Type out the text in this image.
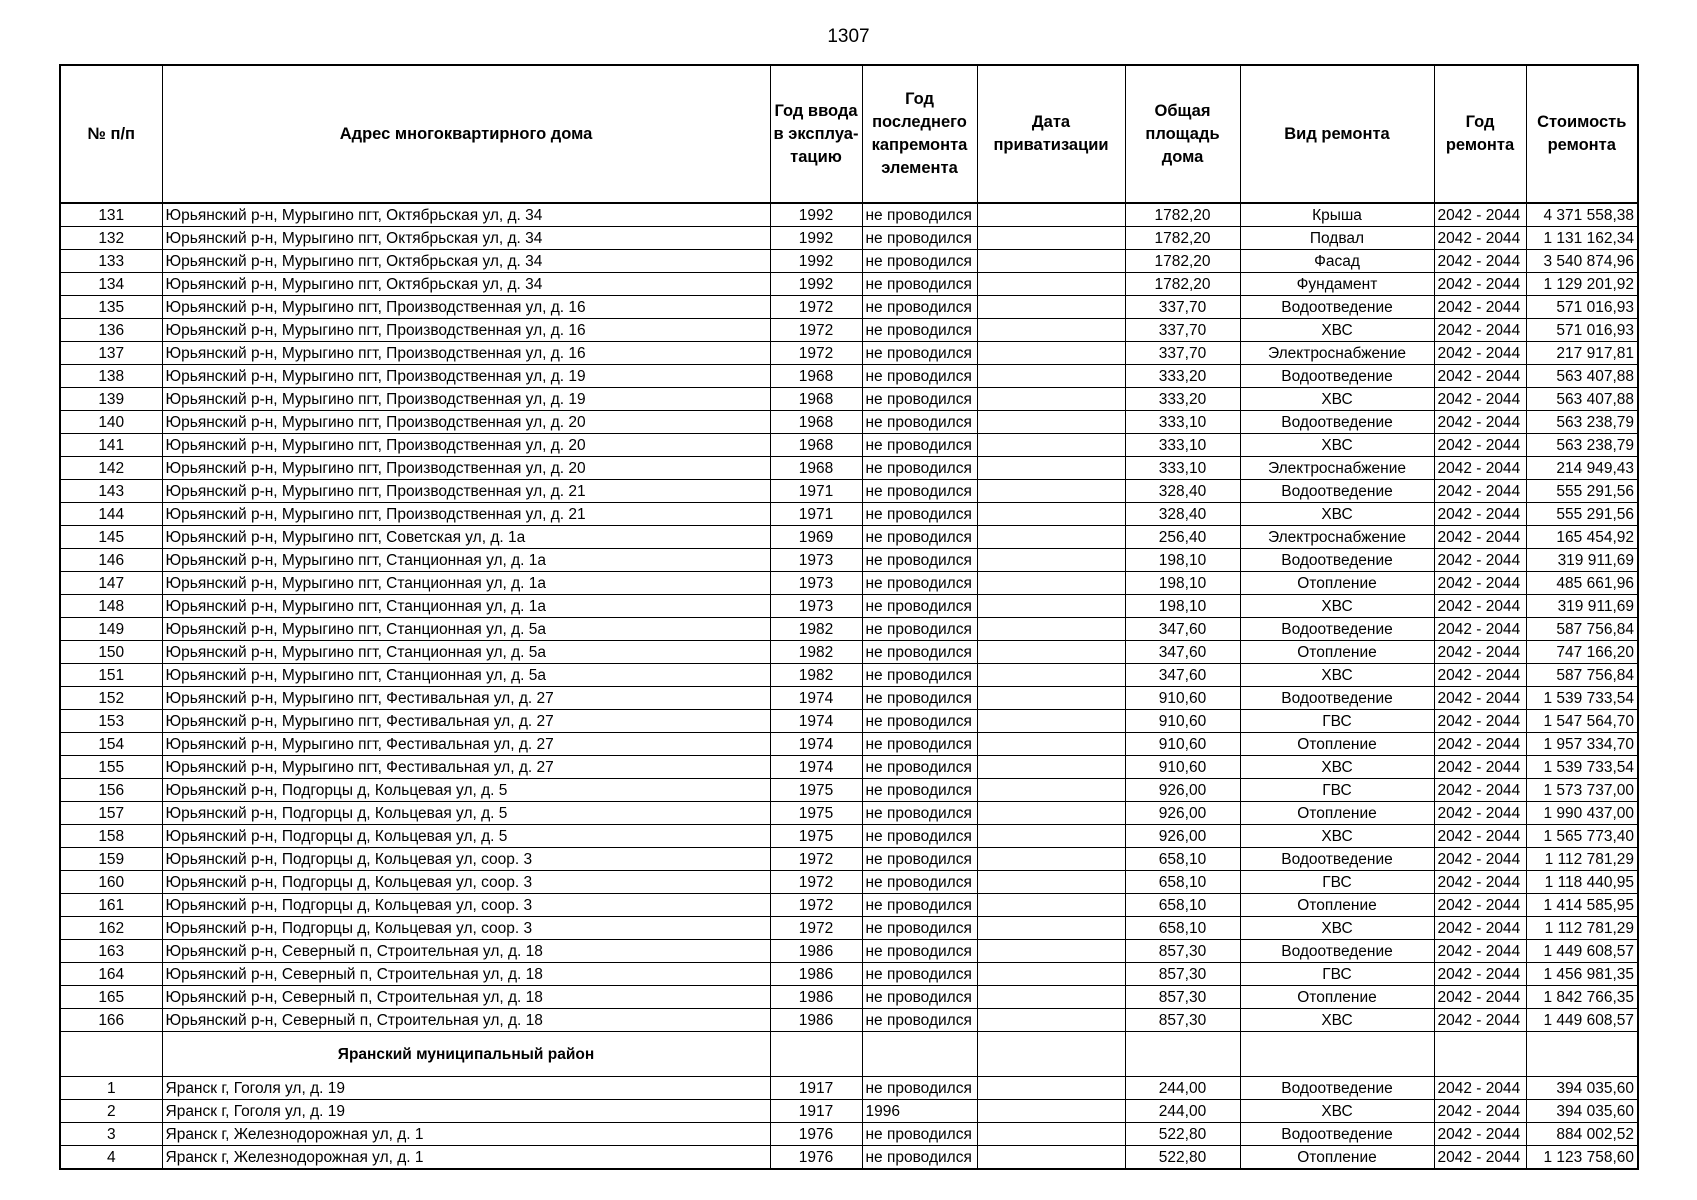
1307
№ п/п	Адрес многоквартирного дома	Год ввода в эксплуа-тацию	Год последнего капремонта элемента	Дата приватизации	Общая площадь дома	Вид ремонта	Год ремонта	Стоимость ремонта
131	Юрьянский р-н, Мурыгино пгт, Октябрьская ул, д. 34	1992	не проводился		1782,20	Крыша	2042 - 2044	4 371 558,38
132	Юрьянский р-н, Мурыгино пгт, Октябрьская ул, д. 34	1992	не проводился		1782,20	Подвал	2042 - 2044	1 131 162,34
133	Юрьянский р-н, Мурыгино пгт, Октябрьская ул, д. 34	1992	не проводился		1782,20	Фасад	2042 - 2044	3 540 874,96
134	Юрьянский р-н, Мурыгино пгт, Октябрьская ул, д. 34	1992	не проводился		1782,20	Фундамент	2042 - 2044	1 129 201,92
135	Юрьянский р-н, Мурыгино пгт, Производственная ул, д. 16	1972	не проводился		337,70	Водоотведение	2042 - 2044	571 016,93
136	Юрьянский р-н, Мурыгино пгт, Производственная ул, д. 16	1972	не проводился		337,70	ХВС	2042 - 2044	571 016,93
137	Юрьянский р-н, Мурыгино пгт, Производственная ул, д. 16	1972	не проводился		337,70	Электроснабжение	2042 - 2044	217 917,81
138	Юрьянский р-н, Мурыгино пгт, Производственная ул, д. 19	1968	не проводился		333,20	Водоотведение	2042 - 2044	563 407,88
139	Юрьянский р-н, Мурыгино пгт, Производственная ул, д. 19	1968	не проводился		333,20	ХВС	2042 - 2044	563 407,88
140	Юрьянский р-н, Мурыгино пгт, Производственная ул, д. 20	1968	не проводился		333,10	Водоотведение	2042 - 2044	563 238,79
141	Юрьянский р-н, Мурыгино пгт, Производственная ул, д. 20	1968	не проводился		333,10	ХВС	2042 - 2044	563 238,79
142	Юрьянский р-н, Мурыгино пгт, Производственная ул, д. 20	1968	не проводился		333,10	Электроснабжение	2042 - 2044	214 949,43
143	Юрьянский р-н, Мурыгино пгт, Производственная ул, д. 21	1971	не проводился		328,40	Водоотведение	2042 - 2044	555 291,56
144	Юрьянский р-н, Мурыгино пгт, Производственная ул, д. 21	1971	не проводился		328,40	ХВС	2042 - 2044	555 291,56
145	Юрьянский р-н, Мурыгино пгт, Советская ул, д. 1а	1969	не проводился		256,40	Электроснабжение	2042 - 2044	165 454,92
146	Юрьянский р-н, Мурыгино пгт, Станционная ул, д. 1а	1973	не проводился		198,10	Водоотведение	2042 - 2044	319 911,69
147	Юрьянский р-н, Мурыгино пгт, Станционная ул, д. 1а	1973	не проводился		198,10	Отопление	2042 - 2044	485 661,96
148	Юрьянский р-н, Мурыгино пгт, Станционная ул, д. 1а	1973	не проводился		198,10	ХВС	2042 - 2044	319 911,69
149	Юрьянский р-н, Мурыгино пгт, Станционная ул, д. 5а	1982	не проводился		347,60	Водоотведение	2042 - 2044	587 756,84
150	Юрьянский р-н, Мурыгино пгт, Станционная ул, д. 5а	1982	не проводился		347,60	Отопление	2042 - 2044	747 166,20
151	Юрьянский р-н, Мурыгино пгт, Станционная ул, д. 5а	1982	не проводился		347,60	ХВС	2042 - 2044	587 756,84
152	Юрьянский р-н, Мурыгино пгт, Фестивальная ул, д. 27	1974	не проводился		910,60	Водоотведение	2042 - 2044	1 539 733,54
153	Юрьянский р-н, Мурыгино пгт, Фестивальная ул, д. 27	1974	не проводился		910,60	ГВС	2042 - 2044	1 547 564,70
154	Юрьянский р-н, Мурыгино пгт, Фестивальная ул, д. 27	1974	не проводился		910,60	Отопление	2042 - 2044	1 957 334,70
155	Юрьянский р-н, Мурыгино пгт, Фестивальная ул, д. 27	1974	не проводился		910,60	ХВС	2042 - 2044	1 539 733,54
156	Юрьянский р-н, Подгорцы д, Кольцевая ул, д. 5	1975	не проводился		926,00	ГВС	2042 - 2044	1 573 737,00
157	Юрьянский р-н, Подгорцы д, Кольцевая ул, д. 5	1975	не проводился		926,00	Отопление	2042 - 2044	1 990 437,00
158	Юрьянский р-н, Подгорцы д, Кольцевая ул, д. 5	1975	не проводился		926,00	ХВС	2042 - 2044	1 565 773,40
159	Юрьянский р-н, Подгорцы д, Кольцевая ул, соор. 3	1972	не проводился		658,10	Водоотведение	2042 - 2044	1 112 781,29
160	Юрьянский р-н, Подгорцы д, Кольцевая ул, соор. 3	1972	не проводился		658,10	ГВС	2042 - 2044	1 118 440,95
161	Юрьянский р-н, Подгорцы д, Кольцевая ул, соор. 3	1972	не проводился		658,10	Отопление	2042 - 2044	1 414 585,95
162	Юрьянский р-н, Подгорцы д, Кольцевая ул, соор. 3	1972	не проводился		658,10	ХВС	2042 - 2044	1 112 781,29
163	Юрьянский р-н, Северный п, Строительная ул, д. 18	1986	не проводился		857,30	Водоотведение	2042 - 2044	1 449 608,57
164	Юрьянский р-н, Северный п, Строительная ул, д. 18	1986	не проводился		857,30	ГВС	2042 - 2044	1 456 981,35
165	Юрьянский р-н, Северный п, Строительная ул, д. 18	1986	не проводился		857,30	Отопление	2042 - 2044	1 842 766,35
166	Юрьянский р-н, Северный п, Строительная ул, д. 18	1986	не проводился		857,30	ХВС	2042 - 2044	1 449 608,57
	Яранский муниципальный район							
1	Яранск г, Гоголя ул, д. 19	1917	не проводился		244,00	Водоотведение	2042 - 2044	394 035,60
2	Яранск г, Гоголя ул, д. 19	1917	1996		244,00	ХВС	2042 - 2044	394 035,60
3	Яранск г, Железнодорожная ул, д. 1	1976	не проводился		522,80	Водоотведение	2042 - 2044	884 002,52
4	Яранск г, Железнодорожная ул, д. 1	1976	не проводился		522,80	Отопление	2042 - 2044	1 123 758,60
